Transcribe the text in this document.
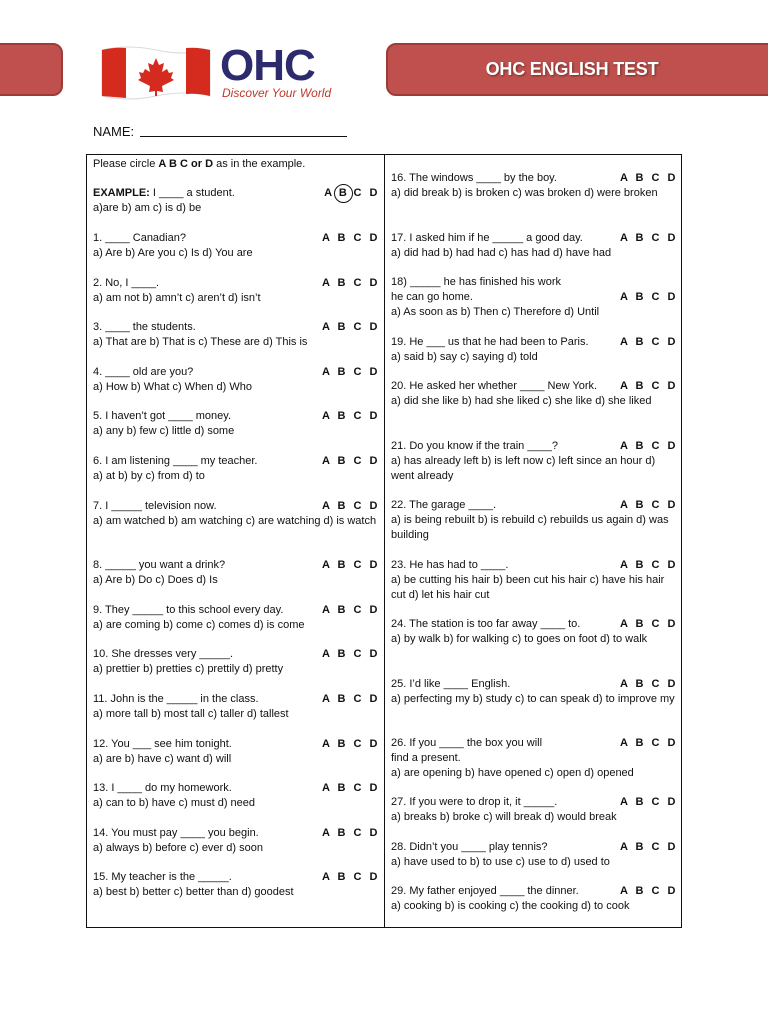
OHC
Discover Your World
OHC ENGLISH TEST
NAME:
Please circle A B C or D as in the example.
EXAMPLE: I ____ a student.	A B C D
a)are b) am c) is d) be
1. ____ Canadian?	A B C D
a) Are b) Are you c) Is d) You are
2. No, I ____.	A B C D
a) am not b) amn’t c) aren’t d) isn’t
3. ____ the students.	A B C D
a) That are b) That is c) These are d) This is
4. ____ old are you?	A B C D
a) How b) What c) When d) Who
5. I haven’t got ____ money.	A B C D
a) any b) few c) little d) some
6. I am listening ____ my teacher.	A B C D
a) at b) by c) from d) to
7. I _____ television now.	A B C D
a) am watched b) am watching c) are watching d) is watch
8. _____ you want a drink?	A B C D
a) Are b) Do c) Does d) Is
9. They _____ to this school every day.	A B C D
a) are coming b) come c) comes d) is come
10. She dresses very _____.	A B C D
a) prettier b) pretties c) prettily d) pretty
11. John is the _____ in the class.	A B C D
a) more tall b) most tall c) taller d) tallest
12. You ___ see him tonight.	A B C D
a) are b) have c) want d) will
13. I ____ do my homework.	A B C D
a) can to b) have c) must d) need
14. You must pay ____ you begin.	A B C D
a) always b) before c) ever d) soon
15. My teacher is the _____.	A B C D
a) best b) better c) better than d) goodest
16. The windows ____ by the boy.	A B C D
a) did break b) is broken c) was broken d) were broken
17. I asked him if he _____ a good day.	A B C D
a) did had b) had had c) has had d) have had
18) _____ he has finished his work
he can go home.	A B C D
a) As soon as b) Then c) Therefore d) Until
19. He ___ us that he had been to Paris.	A B C D
a) said b) say c) saying d) told
20. He asked her whether ____ New York. A B C D
a) did she like b) had she liked c) she like d) she liked
21. Do you know if the train ____?	A B C D
a) has already left b) is left now c) left since an hour d) went already
22. The garage ____.	A B C D
a) is being rebuilt b) is rebuild c) rebuilds us again d) was building
23. He has had to ____.	A B C D
a) be cutting his hair b) been cut his hair c) have his hair cut d) let his hair cut
24. The station is too far away ____ to.	A B C D
a) by walk b) for walking c) to goes on foot d) to walk
25. I’d like ____ English.	A B C D
a) perfecting my b) study c) to can speak d) to improve my
26. If you ____ the box you will	A B C D
find a present.
a) are opening b) have opened c) open d) opened
27. If you were to drop it, it _____.	A B C D
a) breaks b) broke c) will break d) would break
28. Didn’t you ____ play tennis?	A B C D
a) have used to b) to use c) use to d) used to
29. My father enjoyed ____ the dinner.	A B C D
a) cooking b) is cooking c) the cooking d) to cook
